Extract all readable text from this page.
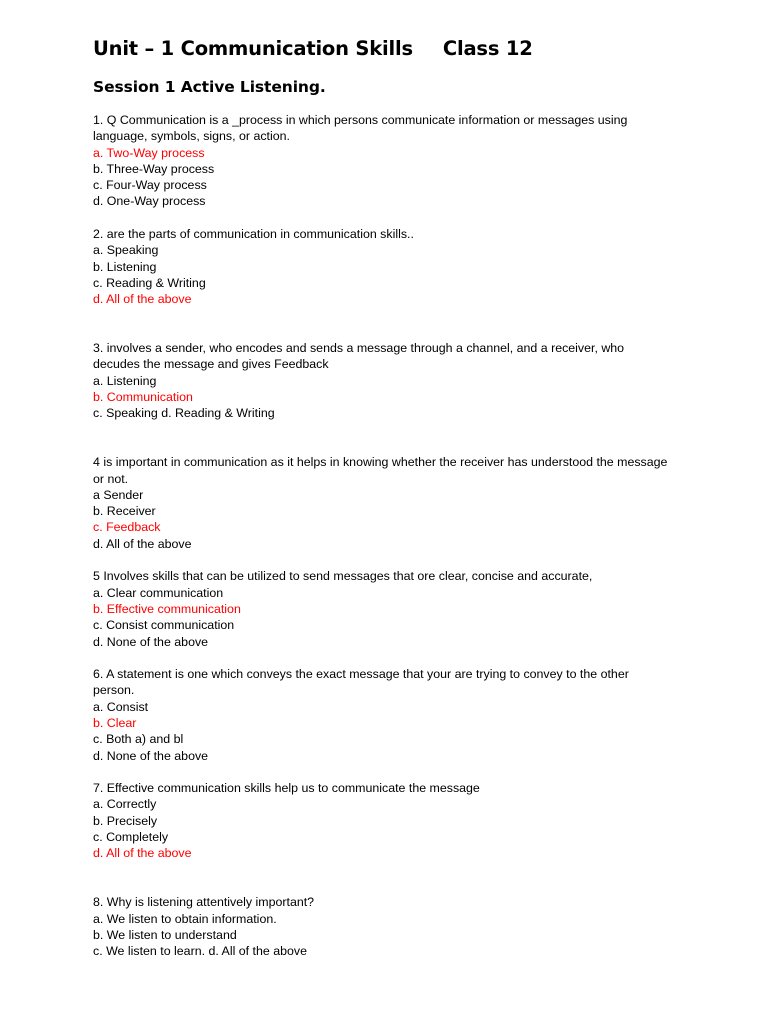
Unit – 1 Communication Skills Class 12
Session 1 Active Listening.

1. Q Communication is a _process in which persons communicate information or messages using language, symbols, signs, or action.

a. Two-Way process

b. Three-Way process

c. Four-Way process

d. One-Way process

2. are the parts of communication in communication skills..

a. Speaking

b. Listening

c. Reading & Writing

d. All of the above

3. involves a sender, who encodes and sends a message through a channel, and a receiver, who decudes the message and gives Feedback

a. Listening

b. Communication

c. Speaking d. Reading & Writing

4 is important in communication as it helps in knowing whether the receiver has understood the message or not.

a Sender

b. Receiver

c. Feedback

d. All of the above

5 Involves skills that can be utilized to send messages that ore clear, concise and accurate,

a. Clear communication

b. Effective communication

c. Consist communication

d. None of the above

6. A statement is one which conveys the exact message that your are trying to convey to the other person.

a. Consist

b. Clear

c. Both a) and bl

d. None of the above

7. Effective communication skills help us to communicate the message

a. Correctly

b. Precisely

c. Completely

d. All of the above

8. Why is listening attentively important?

a. We listen to obtain information.

b. We listen to understand

c. We listen to learn. d. All of the above
